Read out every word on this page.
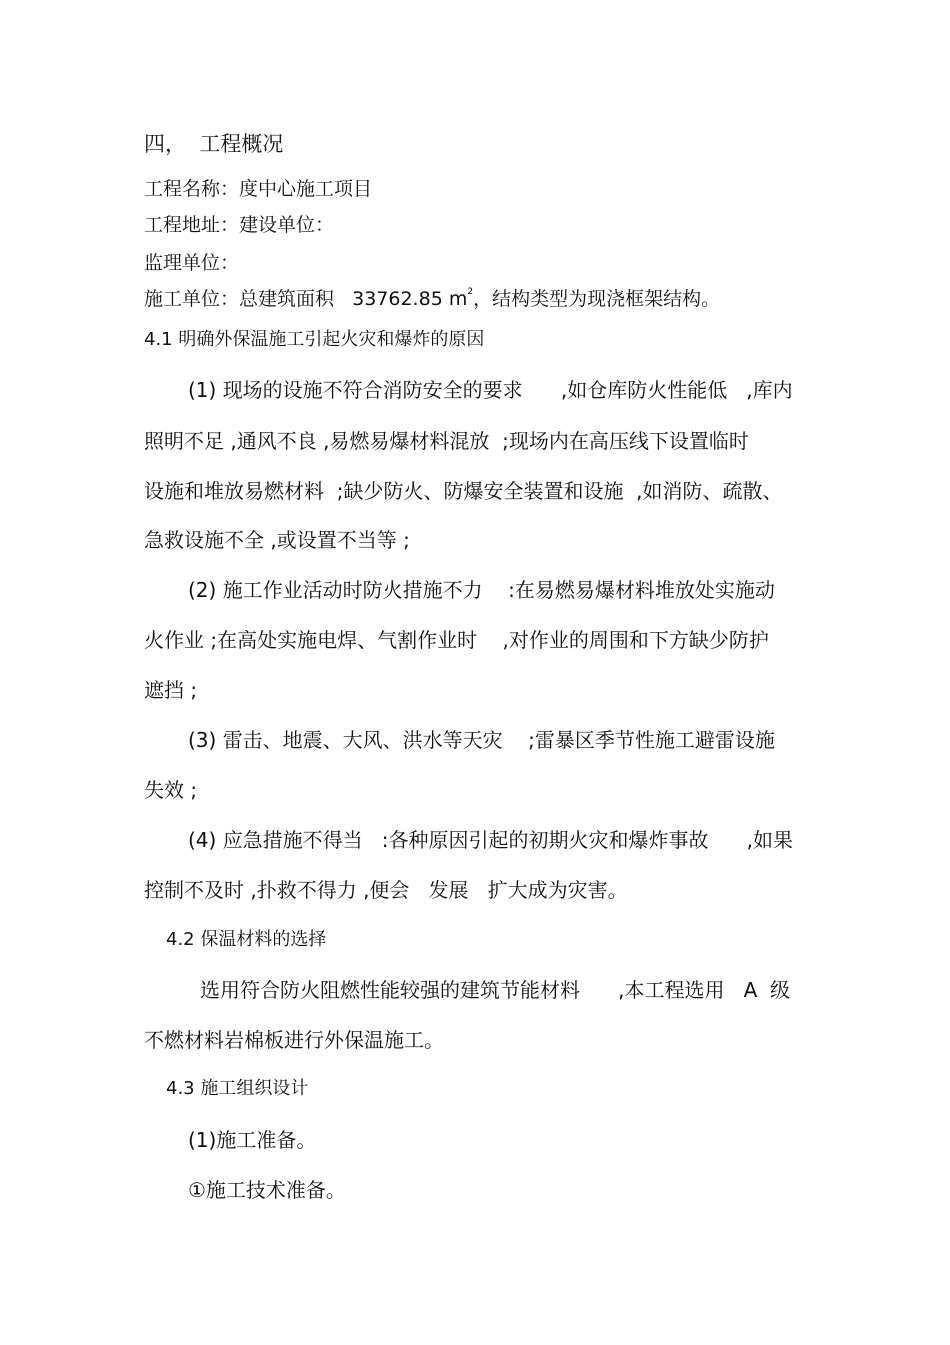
四，  工程概况
工程名称：度中心施工项目
工程地址：建设单位：
监理单位：
施工单位：总建筑面积   33762.85 $m^2$，结构类型为现浇框架结构。
4.1 明确外保温施工引起火灾和爆炸的原因
(1) 现场的设施不符合消防安全的要求      ,如仓库防火性能低   ,库内
照明不足 ,通风不良 ,易燃易爆材料混放  ;现场内在高压线下设置临时
设施和堆放易燃材料  ;缺少防火、防爆安全装置和设施  ,如消防、疏散、
急救设施不全 ,或设置不当等 ;
(2) 施工作业活动时防火措施不力    :在易燃易爆材料堆放处实施动
火作业 ;在高处实施电焊、气割作业时    ,对作业的周围和下方缺少防护
遮挡 ;
(3) 雷击、地震、大风、洪水等天灾    ;雷暴区季节性施工避雷设施
失效 ;
(4) 应急措施不得当   :各种原因引起的初期火灾和爆炸事故      ,如果
控制不及时 ,扑救不得力 ,便会   发展   扩大成为灾害。
4.2 保温材料的选择
选用符合防火阻燃性能较强的建筑节能材料      ,本工程选用   A  级
不燃材料岩棉板进行外保温施工。
4.3 施工组织设计
(1)施工准备。
①施工技术准备。
